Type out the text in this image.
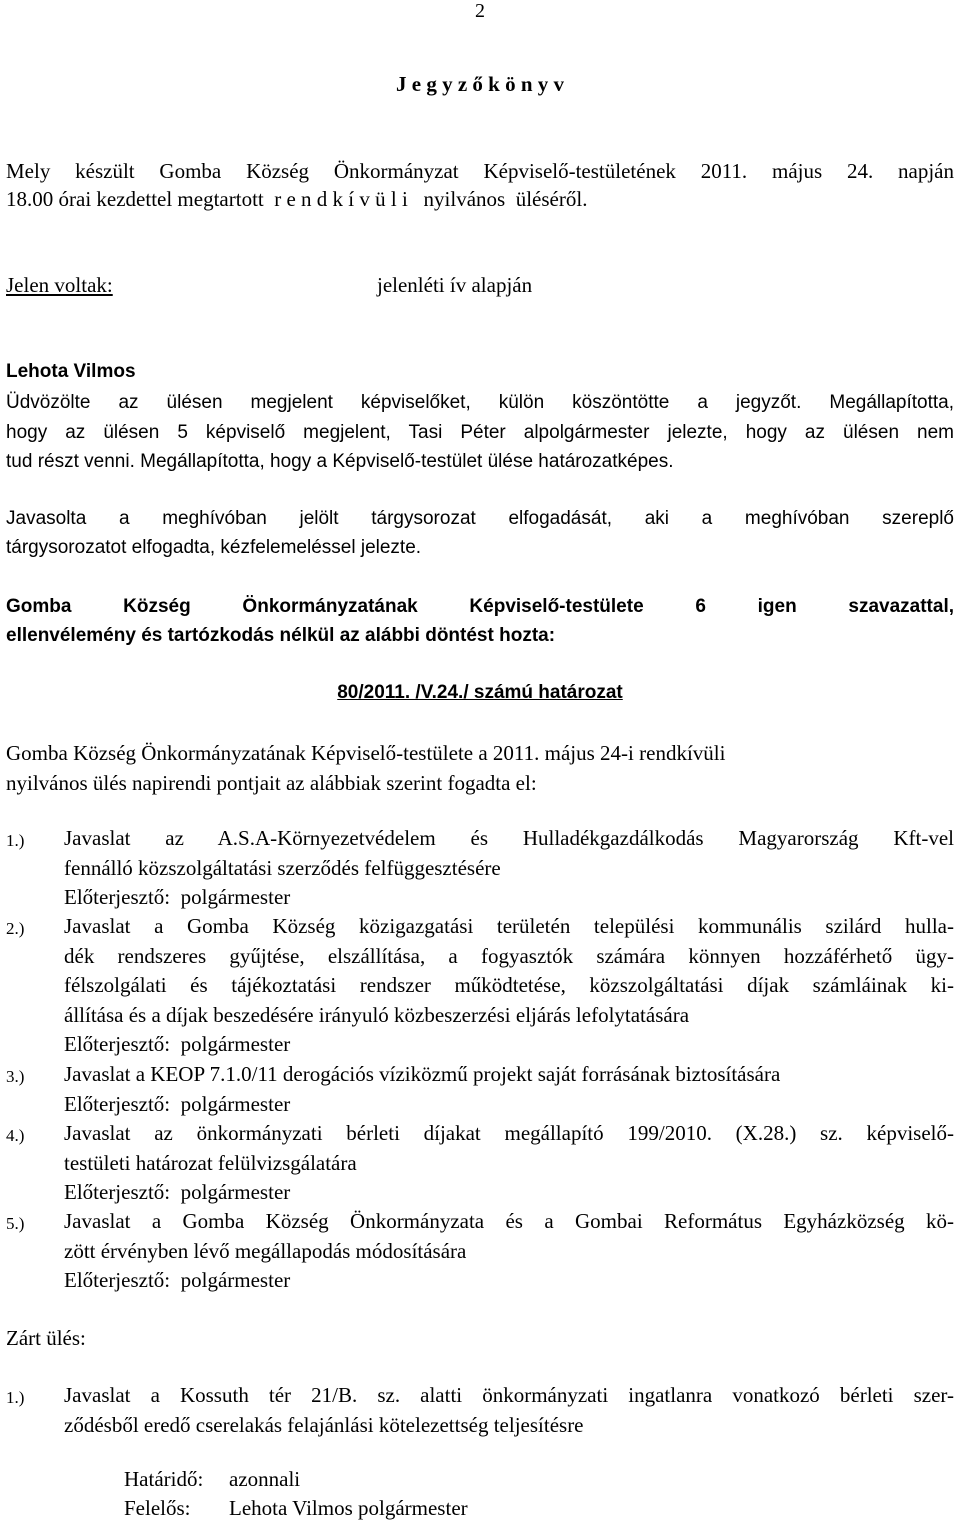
2
J e g y z ő k ö n y v
Mely készült Gomba Község Önkormányzat Képviselő-testületének 2011. május 24. napján
18.00 órai kezdettel megtartott  r e n d k í v ü l i   nyilvános  üléséről.
Jelen voltak:	jelenléti ív alapján
Lehota Vilmos
Üdvözölte az ülésen megjelent képviselőket, külön köszöntötte a jegyzőt. Megállapította,
hogy az ülésen 5 képviselő megjelent, Tasi Péter alpolgármester jelezte, hogy az ülésen nem
tud részt venni. Megállapította, hogy a Képviselő-testület ülése határozatképes.
Javasolta a meghívóban jelölt tárgysorozat elfogadását, aki a meghívóban szereplő
tárgysorozatot elfogadta, kézfelemeléssel jelezte.
Gomba Község Önkormányzatának Képviselő-testülete 6 igen szavazattal,
ellenvélemény és tartózkodás nélkül az alábbi döntést hozta:
80/2011. /V.24./ számú határozat
Gomba Község Önkormányzatának Képviselő-testülete a 2011. május 24-i rendkívüli
nyilvános ülés napirendi pontjait az alábbiak szerint fogadta el:
1.) Javaslat az A.S.A-Környezetvédelem és Hulladékgazdálkodás Magyarország Kft-vel
fennálló közszolgáltatási szerződés felfüggesztésére
Előterjesztő:  polgármester
2.) Javaslat a Gomba Község közigazgatási területén települési kommunális szilárd hulla-
dék rendszeres gyűjtése, elszállítása, a fogyasztók számára könnyen hozzáférhető ügy-
félszolgálati és tájékoztatási rendszer működtetése, közszolgáltatási díjak számláinak ki-
állítása és a díjak beszedésére irányuló közbeszerzési eljárás lefolytatására
Előterjesztő:  polgármester
3.) Javaslat a KEOP 7.1.0/11 derogációs víziközmű projekt saját forrásának biztosítására
Előterjesztő:  polgármester
4.) Javaslat az önkormányzati bérleti díjakat megállapító 199/2010. (X.28.) sz. képviselő-
testületi határozat felülvizsgálatára
Előterjesztő:  polgármester
5.) Javaslat a Gomba Község Önkormányzata és a Gombai Református Egyházközség kö-
zött érvényben lévő megállapodás módosítására
Előterjesztő:  polgármester
Zárt ülés:
1.) Javaslat a Kossuth tér 21/B. sz. alatti önkormányzati ingatlanra vonatkozó bérleti szer-
ződésből eredő cserelakás felajánlási kötelezettség teljesítésre
Határidő: azonnali
Felelős: Lehota Vilmos polgármester
